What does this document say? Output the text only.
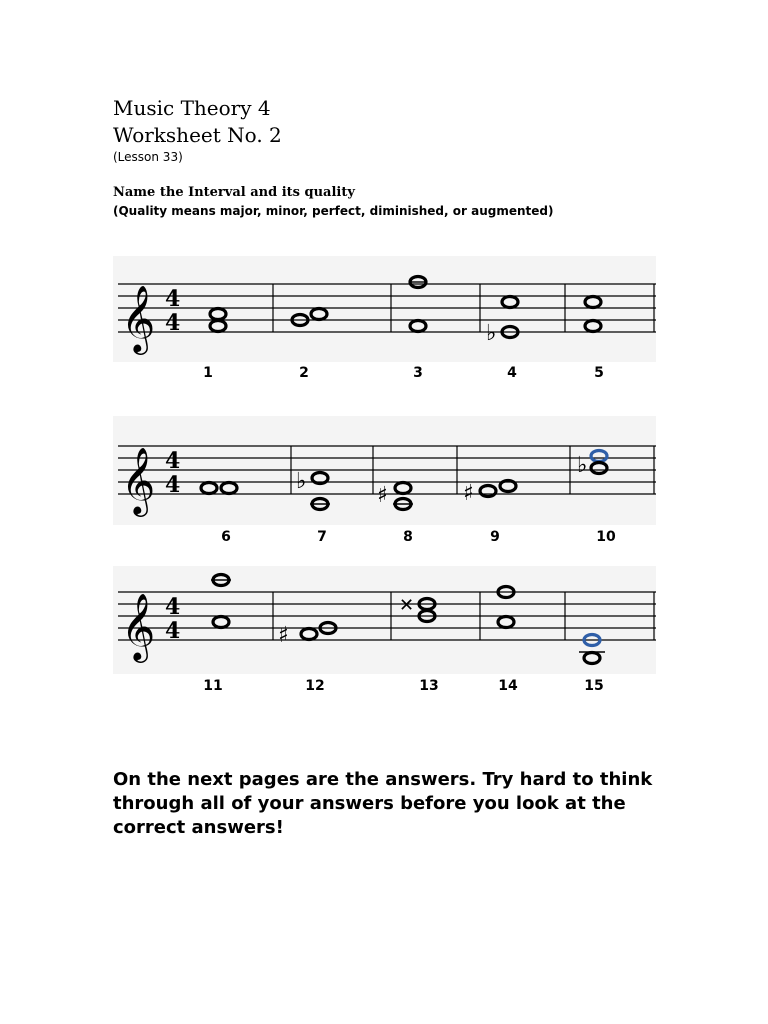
Music Theory 4
Worksheet No. 2
(Lesson 33)
Name the Interval and its quality
(Quality means major, minor, perfect, diminished, or augmented)
𝄞 4
4	♭
1	2	3	4	5
𝄞 4
4	♭
♯	♯
♭
6	7	8	9	10
𝄞 4
4	♯
✕
11	12	13	14	15
On the next pages are the answers. Try hard to think through all of your answers before you look at the correct answers!
